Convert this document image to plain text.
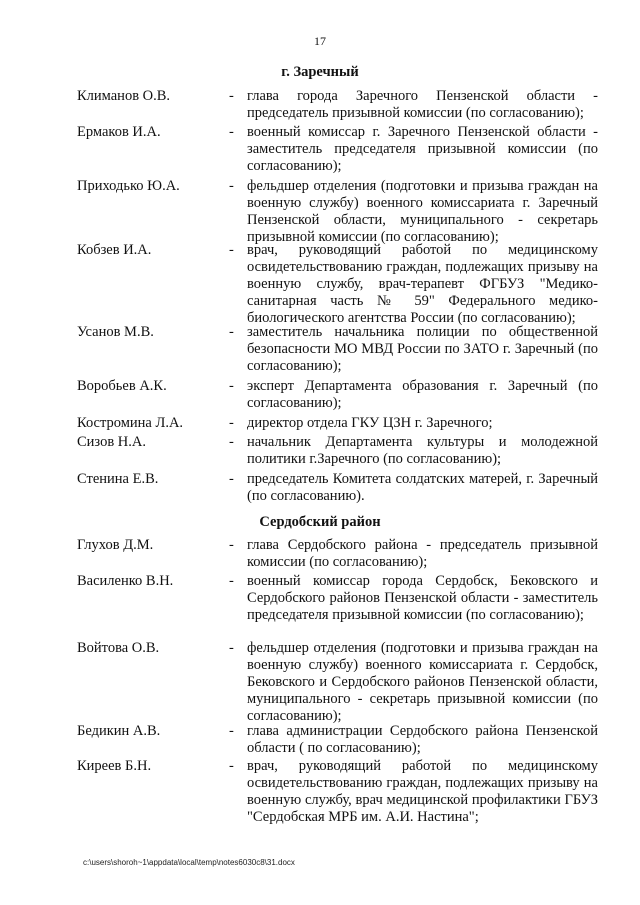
17
г. Заречный
Климанов О.В.	- глава города Заречного Пензенской области - председатель призывной комиссии (по согласованию);
Ермаков И.А.	- военный комиссар г. Заречного Пензенской области - заместитель председателя призывной комиссии (по согласованию);
Приходько Ю.А.	- фельдшер отделения (подготовки и призыва граждан на военную службу) военного комиссариата г. Заречный Пензенской области, муниципального - секретарь призывной комиссии (по согласованию);
Кобзев И.А.	- врач, руководящий работой по медицинскому освидетельствованию граждан, подлежащих призыву на военную службу, врач-терапевт ФГБУЗ "Медико-санитарная часть № 59" Федерального медико-биологического агентства России (по согласованию);
Усанов М.В.	- заместитель начальника полиции по общественной безопасности МО МВД России по ЗАТО г. Заречный (по согласованию);
Воробьев А.К.	- эксперт Департамента образования г. Заречный (по согласованию);
Костромина Л.А.	- директор отдела ГКУ ЦЗН г. Заречного;
Сизов Н.А.	- начальник Департамента культуры и молодежной политики г.Заречного (по согласованию);
Стенина Е.В.	- председатель Комитета солдатских матерей, г. Заречный (по согласованию).
Сердобский район
Глухов Д.М.	- глава Сердобского района - председатель призывной комиссии (по согласованию);
Василенко В.Н.	- военный комиссар города Сердобск, Бековского и Сердобского районов Пензенской области - заместитель председателя призывной комиссии (по согласованию);
Войтова О.В.	- фельдшер отделения (подготовки и призыва граждан на военную службу) военного комиссариата г. Сердобск, Бековского и Сердобского районов Пензенской области, муниципального - секретарь призывной комиссии (по согласованию);
Бедикин А.В.	- глава администрации Сердобского района Пензенской области ( по согласованию);
Киреев Б.Н.	- врач, руководящий работой по медицинскому освидетельствованию граждан, подлежащих призыву на военную службу, врач медицинской профилактики ГБУЗ "Сердобская МРБ им. А.И. Настина";
c:\users\shoroh~1\appdata\local\temp\notes6030c8\31.docx
